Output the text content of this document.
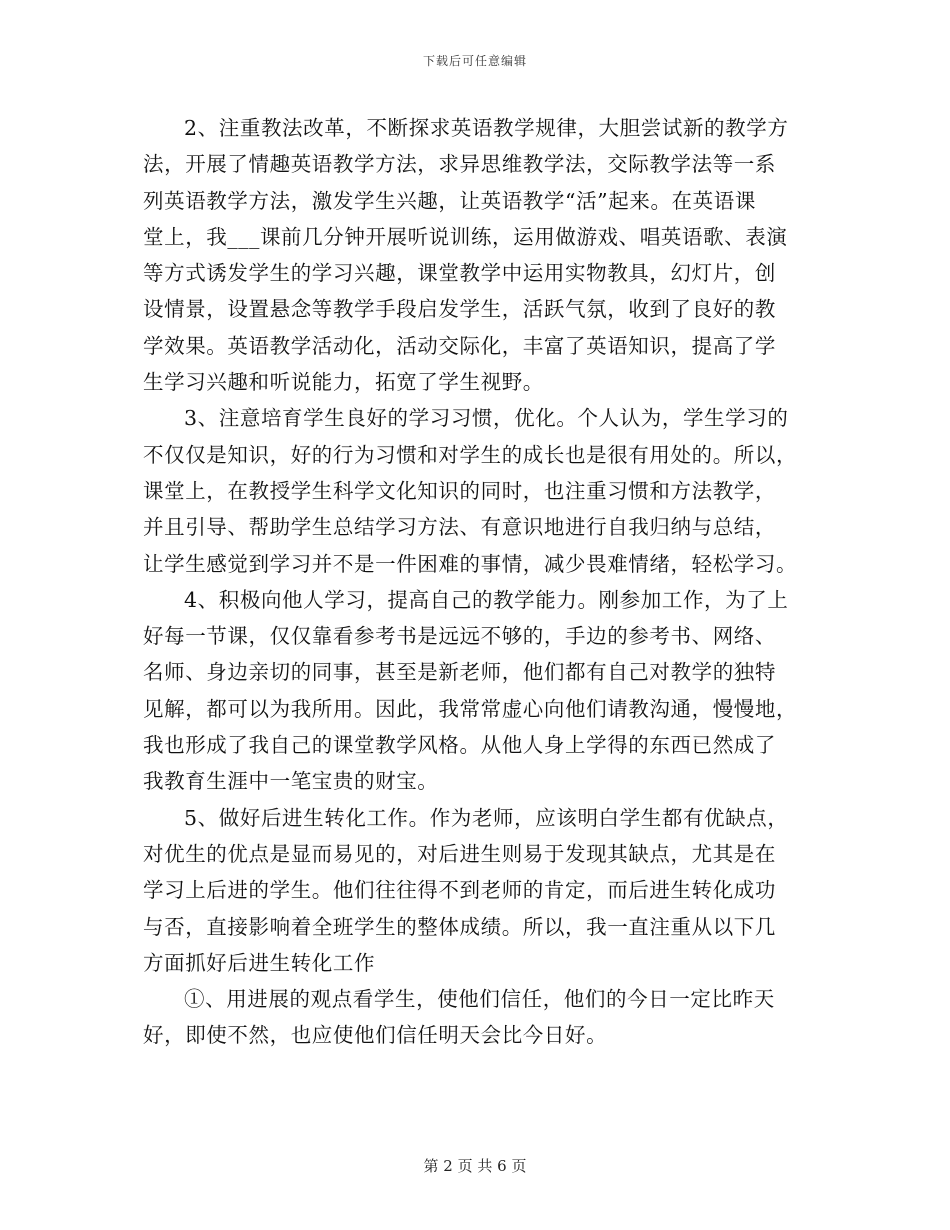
下载后可任意编辑
2、注重教法改革，不断探求英语教学规律，大胆尝试新的教学方
法，开展了情趣英语教学方法，求异思维教学法，交际教学法等一系
列英语教学方法，激发学生兴趣，让英语教学“活”起来。在英语课
堂上，我___课前几分钟开展听说训练，运用做游戏、唱英语歌、表演
等方式诱发学生的学习兴趣，课堂教学中运用实物教具，幻灯片，创
设情景，设置悬念等教学手段启发学生，活跃气氛，收到了良好的教
学效果。英语教学活动化，活动交际化，丰富了英语知识，提高了学
生学习兴趣和听说能力，拓宽了学生视野。
3、注意培育学生良好的学习习惯，优化。个人认为，学生学习的
不仅仅是知识，好的行为习惯和对学生的成长也是很有用处的。所以，
课堂上，在教授学生科学文化知识的同时，也注重习惯和方法教学，
并且引导、帮助学生总结学习方法、有意识地进行自我归纳与总结，
让学生感觉到学习并不是一件困难的事情，减少畏难情绪，轻松学习。
4、积极向他人学习，提高自己的教学能力。刚参加工作，为了上
好每一节课，仅仅靠看参考书是远远不够的，手边的参考书、网络、
名师、身边亲切的同事，甚至是新老师，他们都有自己对教学的独特
见解，都可以为我所用。因此，我常常虚心向他们请教沟通，慢慢地，
我也形成了我自己的课堂教学风格。从他人身上学得的东西已然成了
我教育生涯中一笔宝贵的财宝。
5、做好后进生转化工作。作为老师，应该明白学生都有优缺点，
对优生的优点是显而易见的，对后进生则易于发现其缺点，尤其是在
学习上后进的学生。他们往往得不到老师的肯定，而后进生转化成功
与否，直接影响着全班学生的整体成绩。所以，我一直注重从以下几
方面抓好后进生转化工作
①、用进展的观点看学生，使他们信任，他们的今日一定比昨天
好，即使不然，也应使他们信任明天会比今日好。
第 2 页 共 6 页
